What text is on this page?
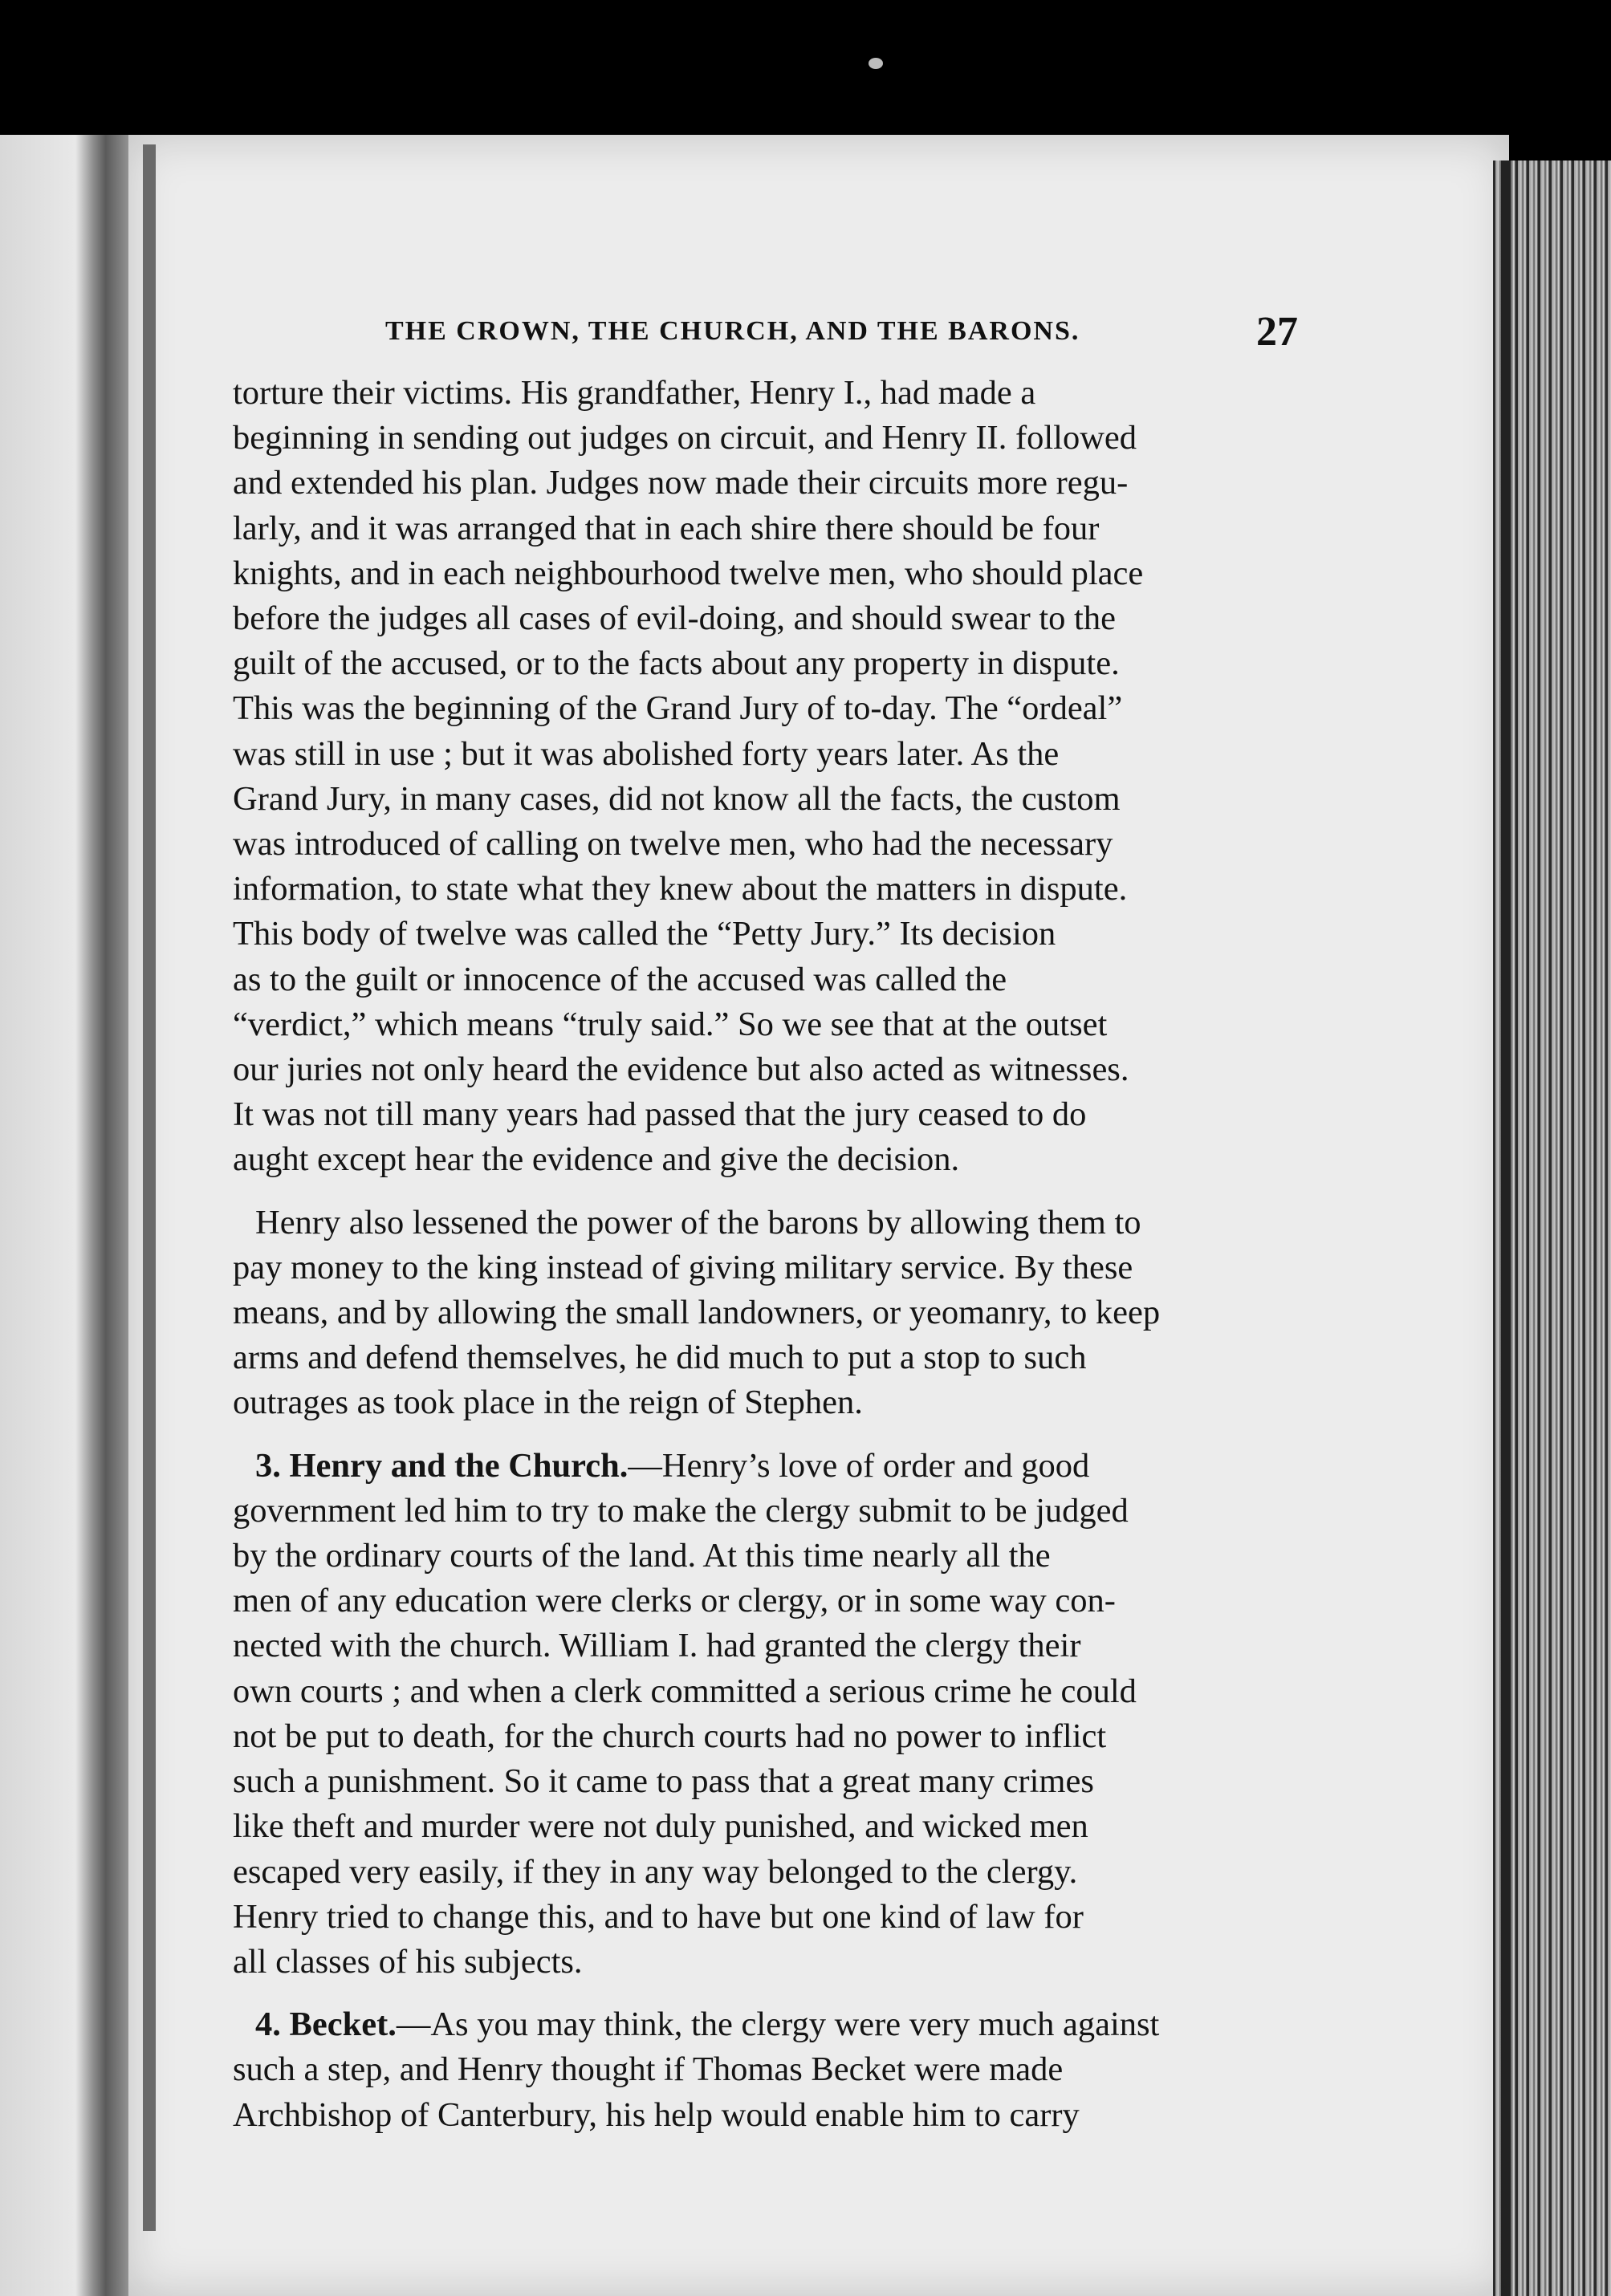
THE CROWN, THE CHURCH, AND THE BARONS.	27
torture their victims. His grandfather, Henry I., had made a
beginning in sending out judges on circuit, and Henry II. followed
and extended his plan. Judges now made their circuits more regu-
larly, and it was arranged that in each shire there should be four
knights, and in each neighbourhood twelve men, who should place
before the judges all cases of evil-doing, and should swear to the
guilt of the accused, or to the facts about any property in dispute.
This was the beginning of the Grand Jury of to-day. The “ordeal”
was still in use ; but it was abolished forty years later. As the
Grand Jury, in many cases, did not know all the facts, the custom
was introduced of calling on twelve men, who had the necessary
information, to state what they knew about the matters in dispute.
This body of twelve was called the “Petty Jury.” Its decision
as to the guilt or innocence of the accused was called the
“verdict,” which means “truly said.” So we see that at the outset
our juries not only heard the evidence but also acted as witnesses.
It was not till many years had passed that the jury ceased to do
aught except hear the evidence and give the decision.
Henry also lessened the power of the barons by allowing them to
pay money to the king instead of giving military service. By these
means, and by allowing the small landowners, or yeomanry, to keep
arms and defend themselves, he did much to put a stop to such
outrages as took place in the reign of Stephen.
3. Henry and the Church.—Henry’s love of order and good
government led him to try to make the clergy submit to be judged
by the ordinary courts of the land. At this time nearly all the
men of any education were clerks or clergy, or in some way con-
nected with the church. William I. had granted the clergy their
own courts ; and when a clerk committed a serious crime he could
not be put to death, for the church courts had no power to inflict
such a punishment. So it came to pass that a great many crimes
like theft and murder were not duly punished, and wicked men
escaped very easily, if they in any way belonged to the clergy.
Henry tried to change this, and to have but one kind of law for
all classes of his subjects.
4. Becket.—As you may think, the clergy were very much against
such a step, and Henry thought if Thomas Becket were made
Archbishop of Canterbury, his help would enable him to carry
